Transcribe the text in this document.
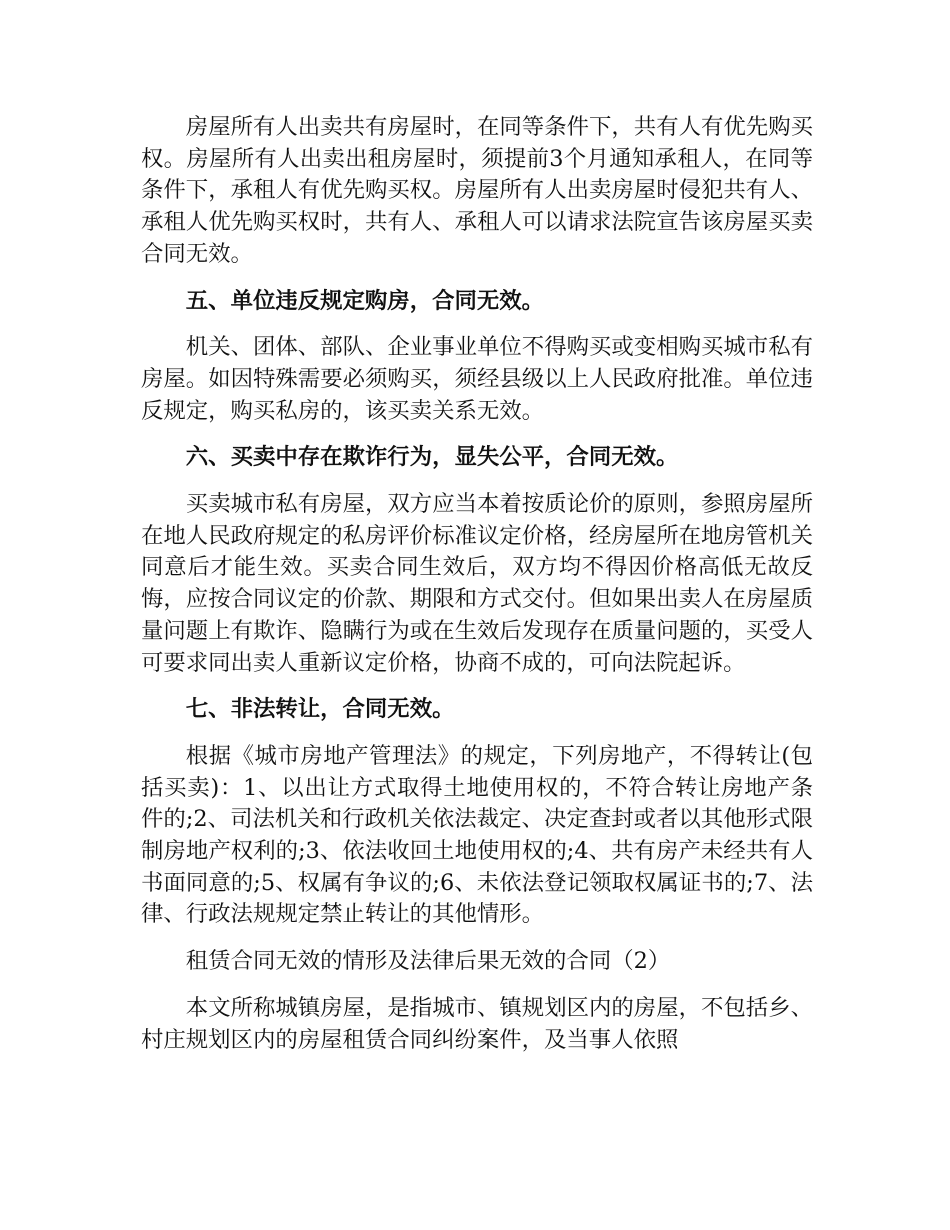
房屋所有人出卖共有房屋时，在同等条件下，共有人有优先购买权。房屋所有人出卖出租房屋时，须提前3个月通知承租人，在同等条件下，承租人有优先购买权。房屋所有人出卖房屋时侵犯共有人、承租人优先购买权时，共有人、承租人可以请求法院宣告该房屋买卖合同无效。

五、单位违反规定购房，合同无效。

机关、团体、部队、企业事业单位不得购买或变相购买城市私有房屋。如因特殊需要必须购买，须经县级以上人民政府批准。单位违反规定，购买私房的，该买卖关系无效。

六、买卖中存在欺诈行为，显失公平，合同无效。

买卖城市私有房屋，双方应当本着按质论价的原则，参照房屋所在地人民政府规定的私房评价标准议定价格，经房屋所在地房管机关同意后才能生效。买卖合同生效后，双方均不得因价格高低无故反悔，应按合同议定的价款、期限和方式交付。但如果出卖人在房屋质量问题上有欺诈、隐瞒行为或在生效后发现存在质量问题的，买受人可要求同出卖人重新议定价格，协商不成的，可向法院起诉。

七、非法转让，合同无效。

根据《城市房地产管理法》的规定，下列房地产，不得转让(包括买卖)：1、以出让方式取得土地使用权的，不符合转让房地产条件的;2、司法机关和行政机关依法裁定、决定查封或者以其他形式限制房地产权利的;3、依法收回土地使用权的;4、共有房产未经共有人书面同意的;5、权属有争议的;6、未依法登记领取权属证书的;7、法律、行政法规规定禁止转让的其他情形。

租赁合同无效的情形及法律后果无效的合同（2）

本文所称城镇房屋，是指城市、镇规划区内的房屋，不包括乡、村庄规划区内的房屋租赁合同纠纷案件，及当事人依照
